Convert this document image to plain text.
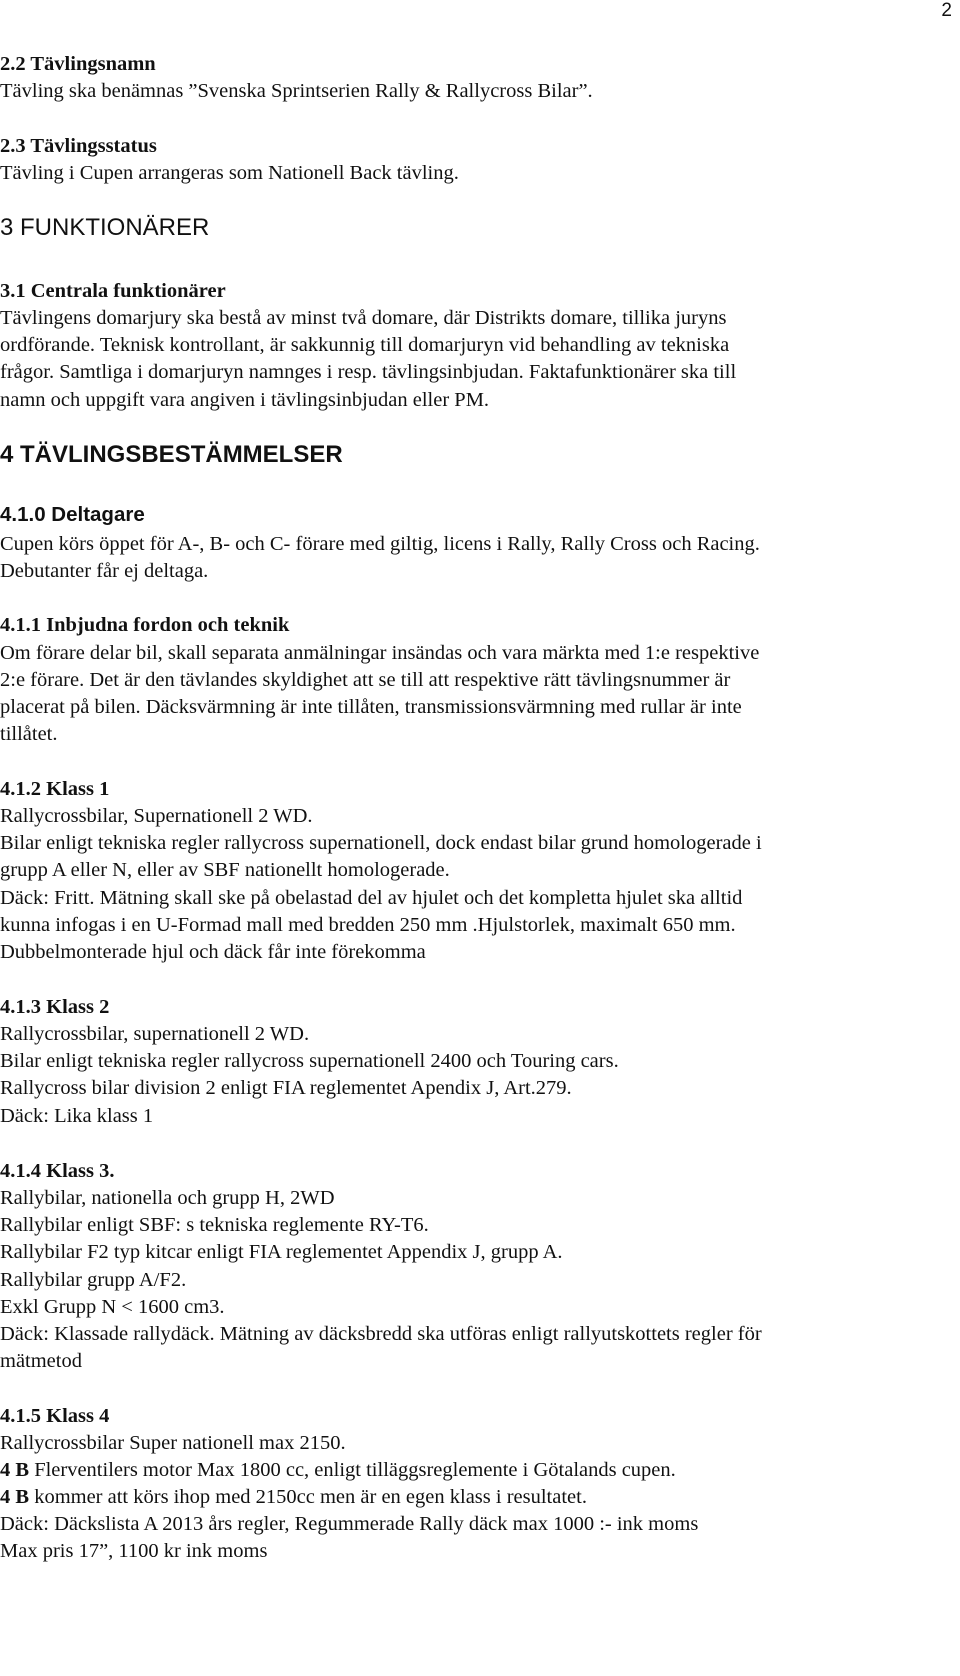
2
2.2 Tävlingsnamn
Tävling ska benämnas ”Svenska Sprintserien Rally & Rallycross Bilar”.
2.3 Tävlingsstatus
Tävling i Cupen arrangeras som Nationell Back tävling.
3 FUNKTIONÄRER
3.1 Centrala funktionärer
Tävlingens domarjury ska bestå av minst två domare, där Distrikts domare, tillika juryns
ordförande. Teknisk kontrollant, är sakkunnig till domarjuryn vid behandling av tekniska
frågor. Samtliga i domarjuryn namnges i resp. tävlingsinbjudan. Faktafunktionärer ska till
namn och uppgift vara angiven i tävlingsinbjudan eller PM.
4 TÄVLINGSBESTÄMMELSER
4.1.0 Deltagare
Cupen körs öppet för A-, B- och C- förare med giltig, licens i Rally, Rally Cross och Racing.
Debutanter får ej deltaga.
4.1.1 Inbjudna fordon och teknik
Om förare delar bil, skall separata anmälningar insändas och vara märkta med 1:e respektive
2:e förare. Det är den tävlandes skyldighet att se till att respektive rätt tävlingsnummer är
placerat på bilen. Däcksvärmning är inte tillåten, transmissionsvärmning med rullar är inte
tillåtet.
4.1.2 Klass 1
Rallycrossbilar, Supernationell 2 WD.
Bilar enligt tekniska regler rallycross supernationell, dock endast bilar grund homologerade i
grupp A eller N, eller av SBF nationellt homologerade.
Däck: Fritt. Mätning skall ske på obelastad del av hjulet och det kompletta hjulet ska alltid
kunna infogas i en U-Formad mall med bredden 250 mm .Hjulstorlek, maximalt 650 mm.
Dubbelmonterade hjul och däck får inte förekomma
4.1.3 Klass 2
Rallycrossbilar, supernationell 2 WD.
Bilar enligt tekniska regler rallycross supernationell 2400 och Touring cars.
Rallycross bilar division 2 enligt FIA reglementet Apendix J, Art.279.
Däck: Lika klass 1
4.1.4 Klass 3.
Rallybilar, nationella och grupp H, 2WD
Rallybilar enligt SBF: s tekniska reglemente RY-T6.
Rallybilar F2 typ kitcar enligt FIA reglementet Appendix J, grupp A.
Rallybilar grupp A/F2.
Exkl Grupp N < 1600 cm3.
Däck: Klassade rallydäck. Mätning av däcksbredd ska utföras enligt rallyutskottets regler för
mätmetod
4.1.5 Klass 4
Rallycrossbilar Super nationell max 2150.
4 B Flerventilers motor Max 1800 cc, enligt tilläggsreglemente i Götalands cupen.
4 B kommer att körs ihop med 2150cc men är en egen klass i resultatet.
Däck: Däckslista A 2013 års regler, Regummerade Rally däck max 1000 :- ink moms
Max pris 17”, 1100 kr ink moms
